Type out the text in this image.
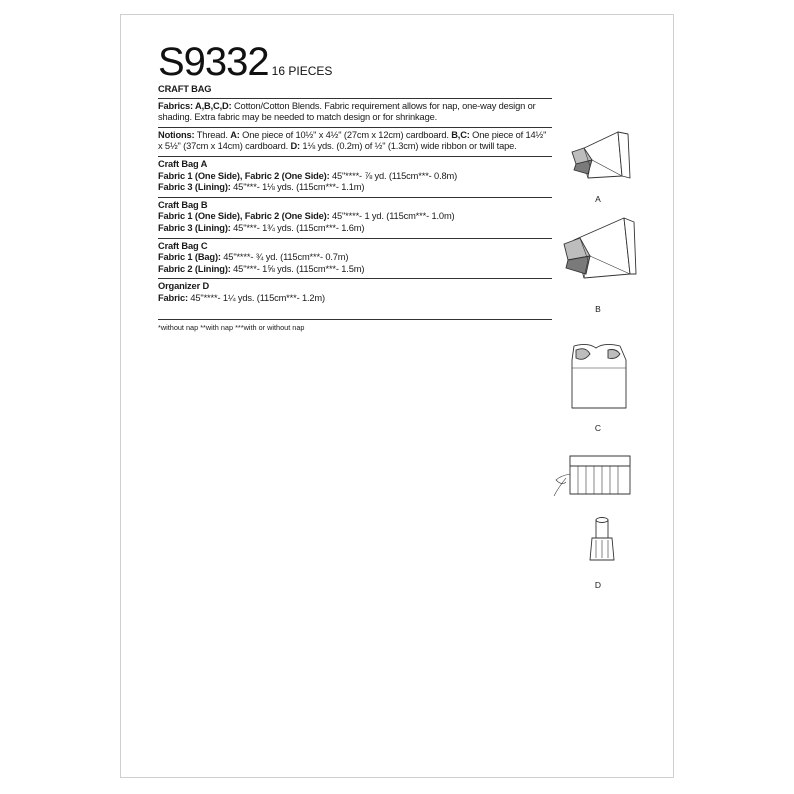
S9332 16 PIECES
CRAFT BAG

Fabrics: A,B,C,D: Cotton/Cotton Blends. Fabric requirement allows for nap, one-way design or shading. Extra fabric may be needed to match design or for shrinkage.

Notions: Thread. A: One piece of 10½" x 4½" (27cm x 12cm) cardboard. B,C: One piece of 14½" x 5½" (37cm x 14cm) cardboard. D: 1⅛ yds. (0.2m) of ½" (1.3cm) wide ribbon or twill tape.

Craft Bag A

Fabric 1 (One Side), Fabric 2 (One Side): 45"****- ⅞ yd. (115cm***- 0.8m)

Fabric 3 (Lining): 45"***- 1⅛ yds. (115cm***- 1.1m)

Craft Bag B

Fabric 1 (One Side), Fabric 2 (One Side): 45"****- 1 yd. (115cm***- 1.0m)

Fabric 3 (Lining): 45"***- 1¾ yds. (115cm***- 1.6m)

Craft Bag C

Fabric 1 (Bag): 45"****- ¾ yd. (115cm***- 0.7m)

Fabric 2 (Lining): 45"***- 1⅝ yds. (115cm***- 1.5m)

Organizer D

Fabric: 45"****- 1¼ yds. (115cm***- 1.2m)

*without nap **with nap ***with or without nap
A
B
C
D
